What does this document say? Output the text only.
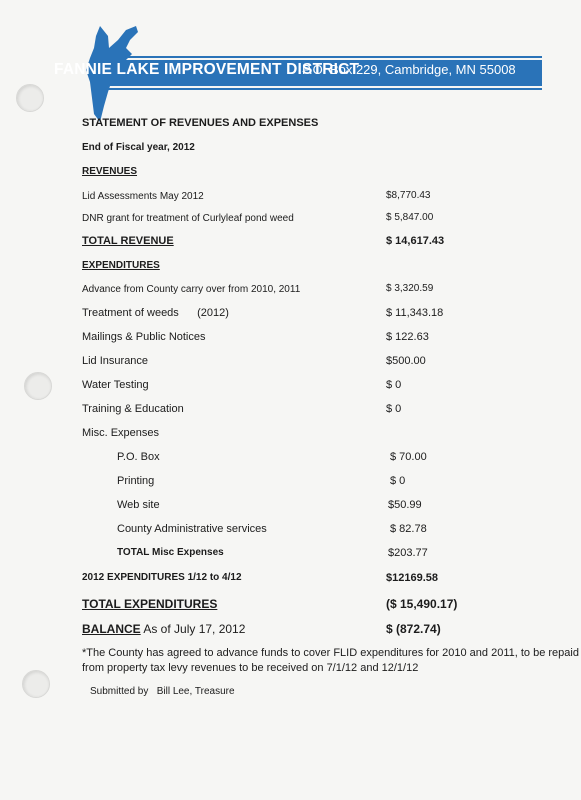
FANNIE LAKE IMPROVEMENT DISTRICT
P.O. Box 229, Cambridge, MN 55008
STATEMENT OF REVENUES AND EXPENSES
End of Fiscal year, 2012
REVENUES
Lid Assessments May 2012	$8,770.43
DNR grant for treatment of Curlyleaf pond weed	$ 5,847.00
TOTAL REVENUE	$ 14,617.43
EXPENDITURES
Advance from County carry over from 2010, 2011	$ 3,320.59
Treatment of weeds      (2012)	$ 11,343.18
Mailings & Public Notices	$ 122.63
Lid Insurance	$500.00
Water Testing	$ 0
Training & Education	$ 0
Misc. Expenses
P.O. Box	$ 70.00
Printing	$ 0
Web site	$50.99
County Administrative services	$ 82.78
TOTAL Misc Expenses	$203.77
2012 EXPENDITURES 1/12 to 4/12	$12169.58
TOTAL EXPENDITURES	($ 15,490.17)
BALANCE As of July 17, 2012	$ (872.74)
*The County has agreed to advance funds to cover FLID expenditures for 2010 and 2011, to be repaid
from property tax levy revenues to be received on 7/1/12 and 12/1/12
Submitted by   Bill Lee, Treasure
